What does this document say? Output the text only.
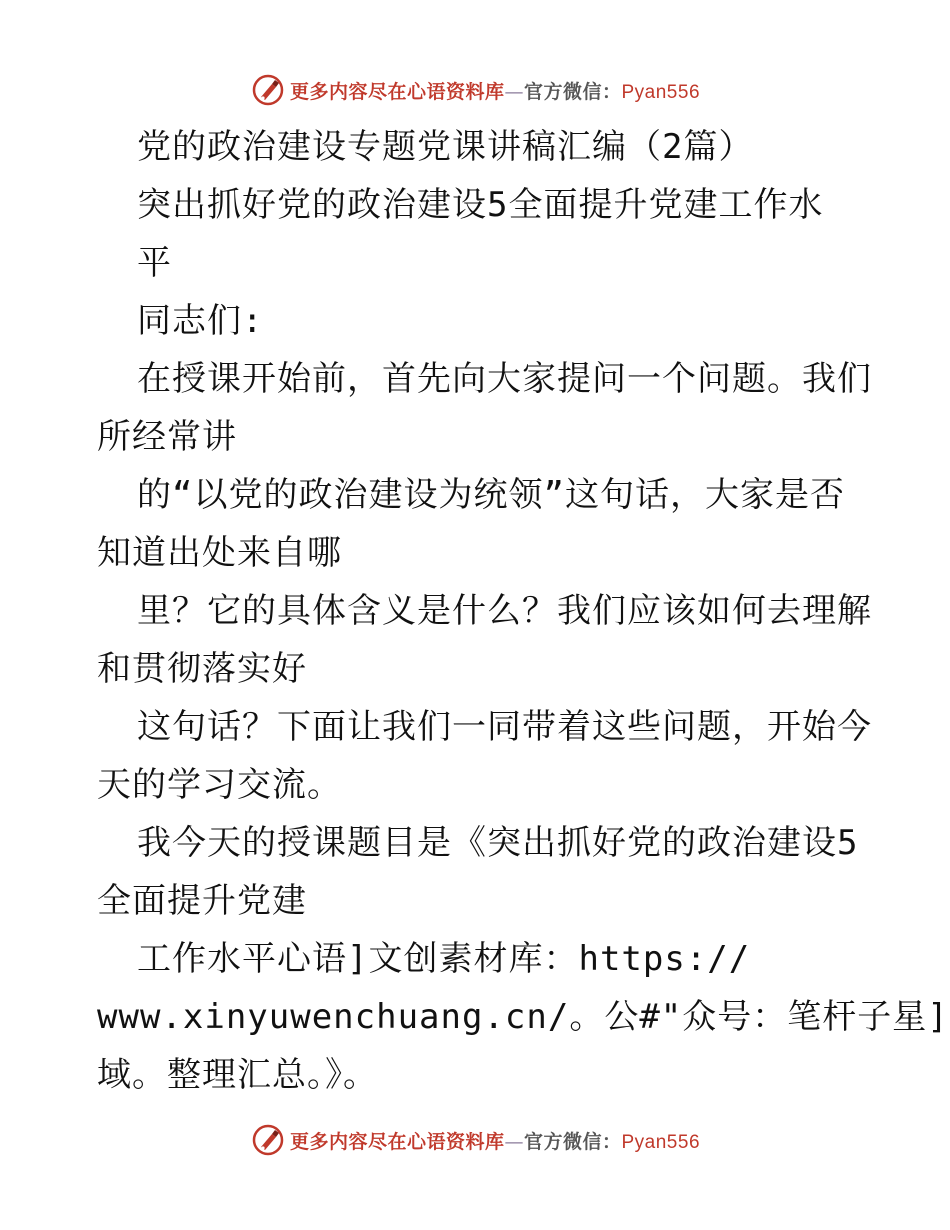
更多内容尽在心语资料库—官方微信：Pyan556
党的政治建设专题党课讲稿汇编（2篇）
突出抓好党的政治建设5全面提升党建工作水
平
同志们:
在授课开始前，首先向大家提问一个问题。我们
所经常讲
的“以党的政治建设为统领”这句话，大家是否
知道出处来自哪
里？它的具体含义是什么？我们应该如何去理解
和贯彻落实好
这句话？下面让我们一同带着这些问题，开始今
天的学习交流。
我今天的授课题目是《突出抓好党的政治建设5
全面提升党建
工作水平心语]文创素材库：https://
www.xinyuwenchuang.cn/。公#"众号：笔杆子星]
域。整理汇总。》。
更多内容尽在心语资料库—官方微信：Pyan556
